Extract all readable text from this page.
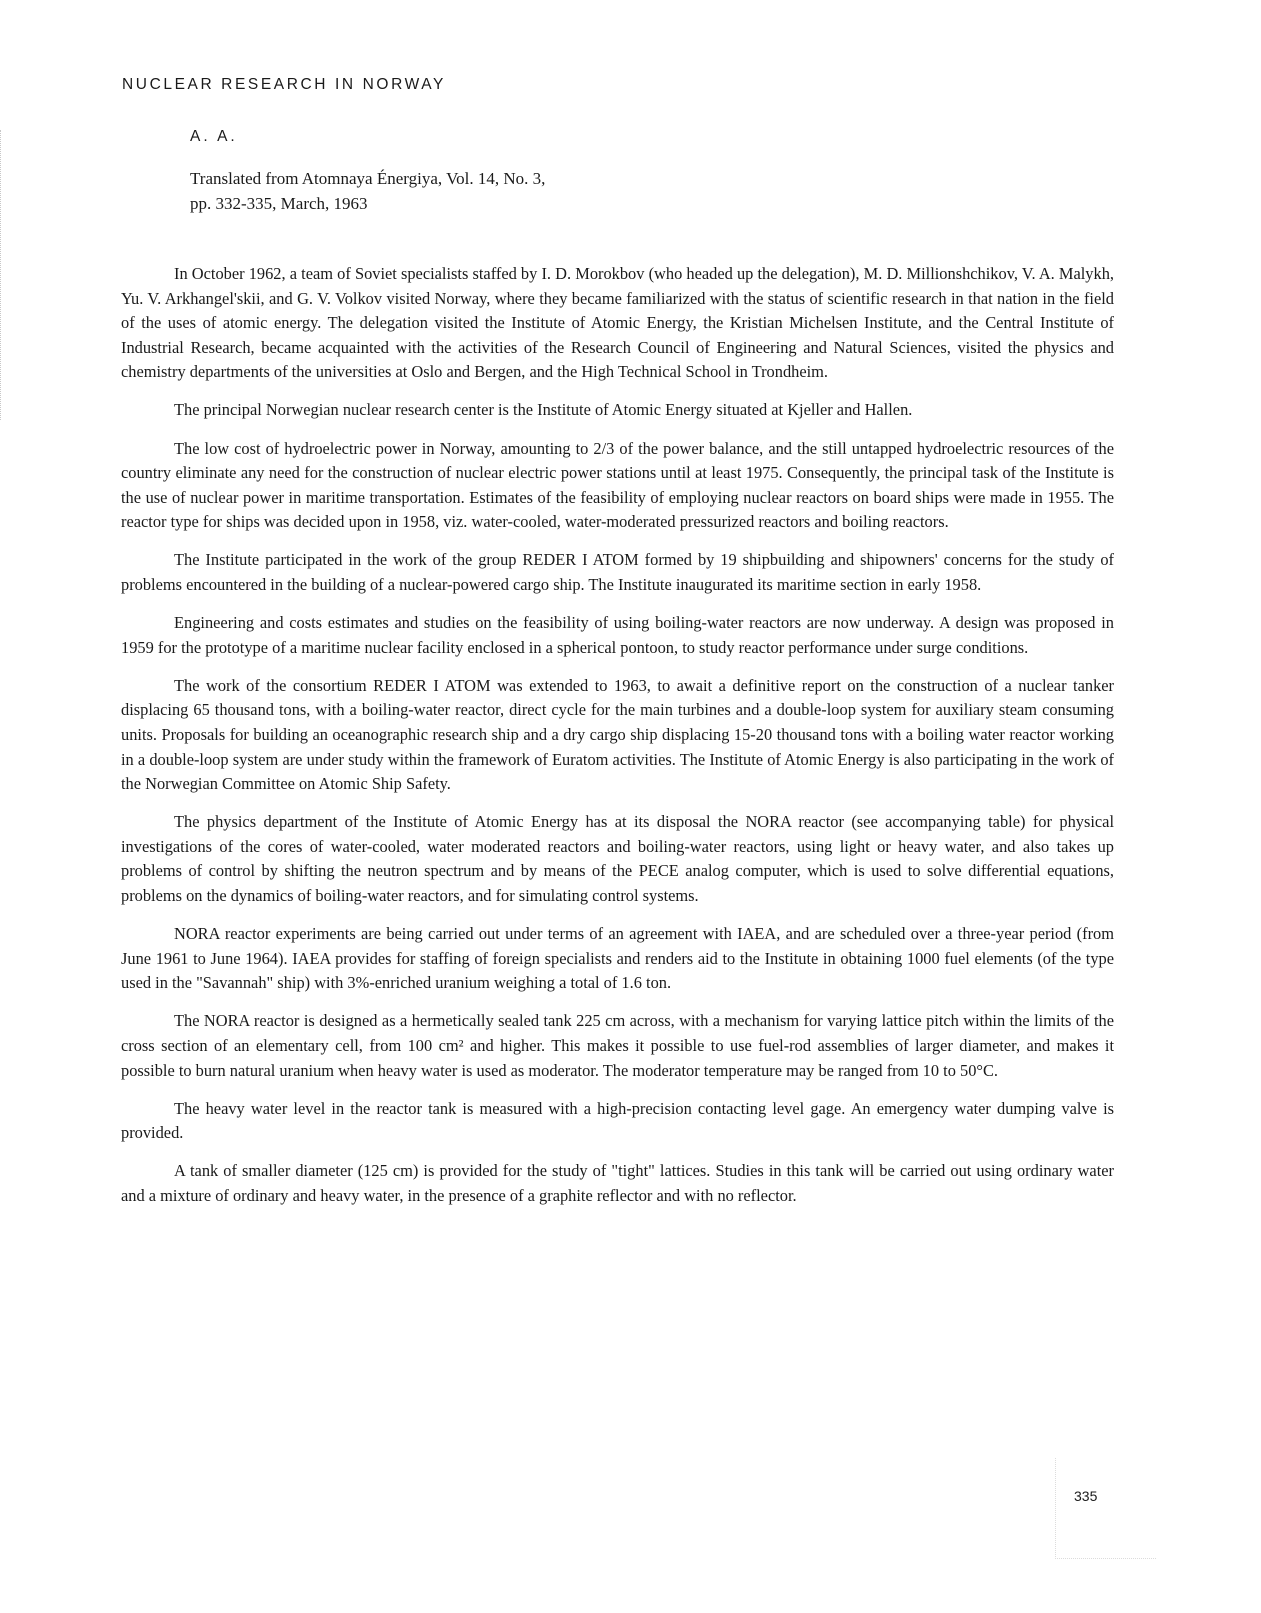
NUCLEAR RESEARCH IN NORWAY
A. A.
Translated from Atomnaya Énergiya, Vol. 14, No. 3,
pp. 332-335, March, 1963

In October 1962, a team of Soviet specialists staffed by I. D. Morokbov (who headed up the delegation), M. D. Millionshchikov, V. A. Malykh, Yu. V. Arkhangel'skii, and G. V. Volkov visited Norway, where they became familiarized with the status of scientific research in that nation in the field of the uses of atomic energy. The delegation visited the Institute of Atomic Energy, the Kristian Michelsen Institute, and the Central Institute of Industrial Research, became acquainted with the activities of the Research Council of Engineering and Natural Sciences, visited the physics and chemistry departments of the universities at Oslo and Bergen, and the High Technical School in Trondheim.

The principal Norwegian nuclear research center is the Institute of Atomic Energy situated at Kjeller and Hallen.

The low cost of hydroelectric power in Norway, amounting to 2/3 of the power balance, and the still untapped hydroelectric resources of the country eliminate any need for the construction of nuclear electric power stations until at least 1975. Consequently, the principal task of the Institute is the use of nuclear power in maritime transportation. Estimates of the feasibility of employing nuclear reactors on board ships were made in 1955. The reactor type for ships was decided upon in 1958, viz. water-cooled, water-moderated pressurized reactors and boiling reactors.

The Institute participated in the work of the group REDER I ATOM formed by 19 shipbuilding and shipowners' concerns for the study of problems encountered in the building of a nuclear-powered cargo ship. The Institute inaugurated its maritime section in early 1958.

Engineering and costs estimates and studies on the feasibility of using boiling-water reactors are now underway. A design was proposed in 1959 for the prototype of a maritime nuclear facility enclosed in a spherical pontoon, to study reactor performance under surge conditions.

The work of the consortium REDER I ATOM was extended to 1963, to await a definitive report on the construction of a nuclear tanker displacing 65 thousand tons, with a boiling-water reactor, direct cycle for the main turbines and a double-loop system for auxiliary steam consuming units. Proposals for building an oceanographic research ship and a dry cargo ship displacing 15-20 thousand tons with a boiling water reactor working in a double-loop system are under study within the framework of Euratom activities. The Institute of Atomic Energy is also participating in the work of the Norwegian Committee on Atomic Ship Safety.

The physics department of the Institute of Atomic Energy has at its disposal the NORA reactor (see accompanying table) for physical investigations of the cores of water-cooled, water moderated reactors and boiling-water reactors, using light or heavy water, and also takes up problems of control by shifting the neutron spectrum and by means of the PECE analog computer, which is used to solve differential equations, problems on the dynamics of boiling-water reactors, and for simulating control systems.

NORA reactor experiments are being carried out under terms of an agreement with IAEA, and are scheduled over a three-year period (from June 1961 to June 1964). IAEA provides for staffing of foreign specialists and renders aid to the Institute in obtaining 1000 fuel elements (of the type used in the "Savannah" ship) with 3%-enriched uranium weighing a total of 1.6 ton.

The NORA reactor is designed as a hermetically sealed tank 225 cm across, with a mechanism for varying lattice pitch within the limits of the cross section of an elementary cell, from 100 cm² and higher. This makes it possible to use fuel-rod assemblies of larger diameter, and makes it possible to burn natural uranium when heavy water is used as moderator. The moderator temperature may be ranged from 10 to 50°C.

The heavy water level in the reactor tank is measured with a high-precision contacting level gage. An emergency water dumping valve is provided.

A tank of smaller diameter (125 cm) is provided for the study of "tight" lattices. Studies in this tank will be carried out using ordinary water and a mixture of ordinary and heavy water, in the presence of a graphite reflector and with no reflector.

335
